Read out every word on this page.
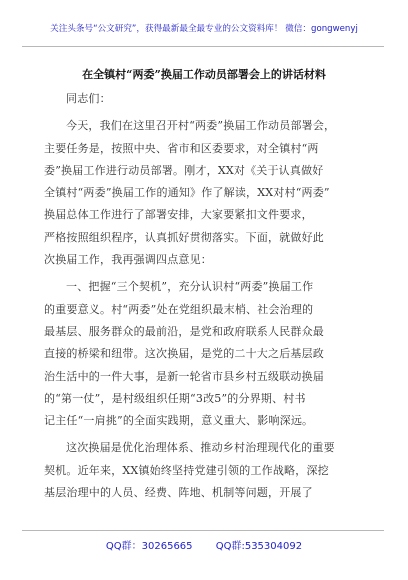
关注头条号“公文研究”，获得最新最全最专业的公文资料库！ 微信：gongwenyj
在全镇村“两委”换届工作动员部署会上的讲话材料
同志们：
今天，我们在这里召开村“两委”换届工作动员部署会，
主要任务是，按照中央、省市和区委要求，对全镇村“两
委”换届工作进行动员部署。刚才，XX对《关于认真做好
全镇村“两委”换届工作的通知》作了解读，XX对村“两委”
换届总体工作进行了部署安排，大家要紧扣文件要求，
严格按照组织程序，认真抓好贯彻落实。下面，就做好此
次换届工作，我再强调四点意见：
一、把握“三个契机”，充分认识村“两委”换届工作
的重要意义。村“两委”处在党组织最末梢、社会治理的
最基层、服务群众的最前沿，是党和政府联系人民群众最
直接的桥梁和纽带。这次换届，是党的二十大之后基层政
治生活中的一件大事，是新一轮省市县乡村五级联动换届
的“第一仗”，是村级组织任期“3改5”的分界期、村书
记主任“一肩挑”的全面实践期，意义重大、影响深远。
这次换届是优化治理体系、推动乡村治理现代化的重要
契机。近年来，XX镇始终坚持党建引领的工作战略，深挖
基层治理中的人员、经费、阵地、机制等问题，开展了
QQ群：30265665 QQ群:535304092
